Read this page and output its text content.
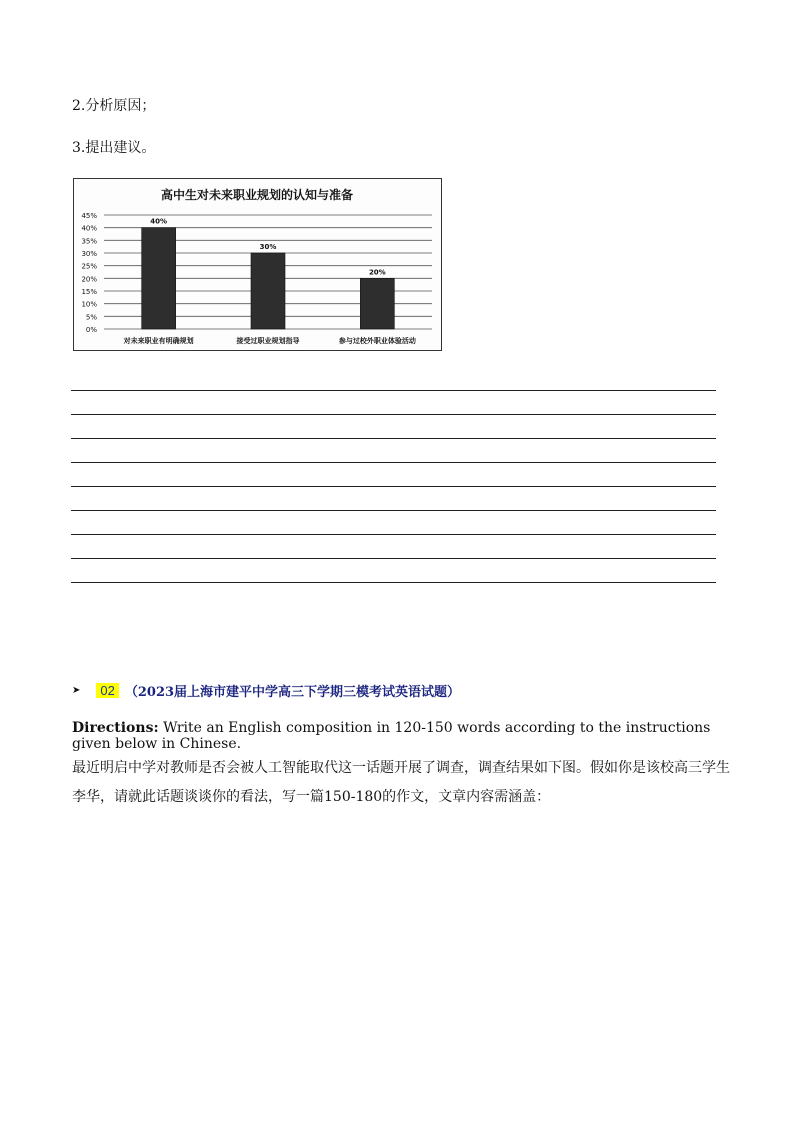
2.分析原因；
3.提出建议。
高中生对未来职业规划的认知与准备
0%
5%
10%
15%
20%
25%
30%
35%
40%
45%
40%
对未来职业有明确规划
30%
接受过职业规划指导
20%
参与过校外职业体验活动
➤	02 （2023届上海市建平中学高三下学期三模考试英语试题）
Directions: Write an English composition in 120-150 words according to the instructions given below in Chinese.
最近明启中学对教师是否会被人工智能取代这一话题开展了调查，调查结果如下图。假如你是该校高三学生李华，请就此话题谈谈你的看法，写一篇150-180的作文，文章内容需涵盖：
